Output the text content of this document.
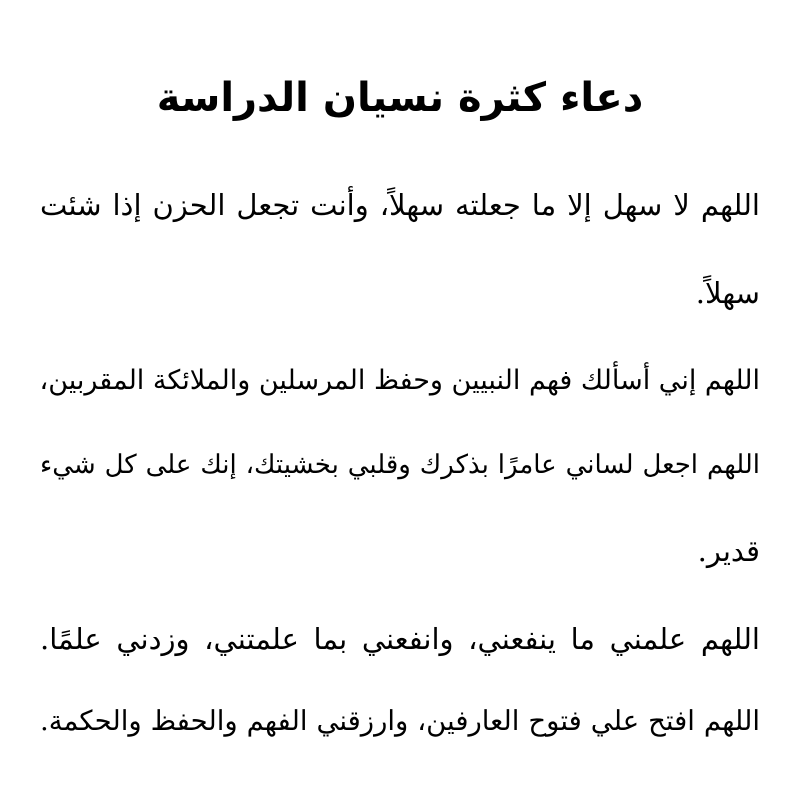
دعاء كثرة نسيان الدراسة
اللهم لا سهل إلا ما جعلته سهلاً، وأنت تجعل الحزن إذا شئت
سهلاً.
اللهم إني أسألك فهم النبيين وحفظ المرسلين والملائكة المقربين،
اللهم اجعل لساني عامرًا بذكرك وقلبي بخشيتك، إنك على كل شيء
قدير.
اللهم علمني ما ينفعني، وانفعني بما علمتني، وزدني علمًا.
اللهم افتح علي فتوح العارفين، وارزقني الفهم والحفظ والحكمة.
